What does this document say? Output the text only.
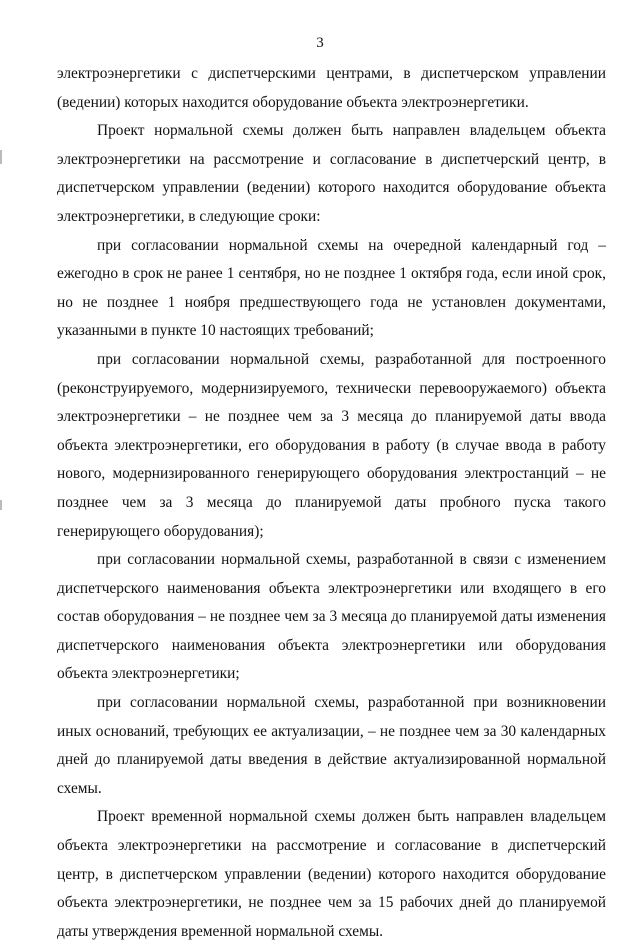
3

электроэнергетики с диспетчерскими центрами, в диспетчерском управлении (ведении) которых находится оборудование объекта электроэнергетики.

Проект нормальной схемы должен быть направлен владельцем объекта электроэнергетики на рассмотрение и согласование в диспетчерский центр, в диспетчерском управлении (ведении) которого находится оборудование объекта электроэнергетики, в следующие сроки:

при согласовании нормальной схемы на очередной календарный год – ежегодно в срок не ранее 1 сентября, но не позднее 1 октября года, если иной срок, но не позднее 1 ноября предшествующего года не установлен документами, указанными в пункте 10 настоящих требований;

при согласовании нормальной схемы, разработанной для построенного (реконструируемого, модернизируемого, технически перевооружаемого) объекта электроэнергетики – не позднее чем за 3 месяца до планируемой даты ввода объекта электроэнергетики, его оборудования в работу (в случае ввода в работу нового, модернизированного генерирующего оборудования электростанций – не позднее чем за 3 месяца до планируемой даты пробного пуска такого генерирующего оборудования);

при согласовании нормальной схемы, разработанной в связи с изменением диспетчерского наименования объекта электроэнергетики или входящего в его состав оборудования – не позднее чем за 3 месяца до планируемой даты изменения диспетчерского наименования объекта электроэнергетики или оборудования объекта электроэнергетики;

при согласовании нормальной схемы, разработанной при возникновении иных оснований, требующих ее актуализации, – не позднее чем за 30 календарных дней до планируемой даты введения в действие актуализированной нормальной схемы.

Проект временной нормальной схемы должен быть направлен владельцем объекта электроэнергетики на рассмотрение и согласование в диспетчерский центр, в диспетчерском управлении (ведении) которого находится оборудование объекта электроэнергетики, не позднее чем за 15 рабочих дней до планируемой даты утверждения временной нормальной схемы.
